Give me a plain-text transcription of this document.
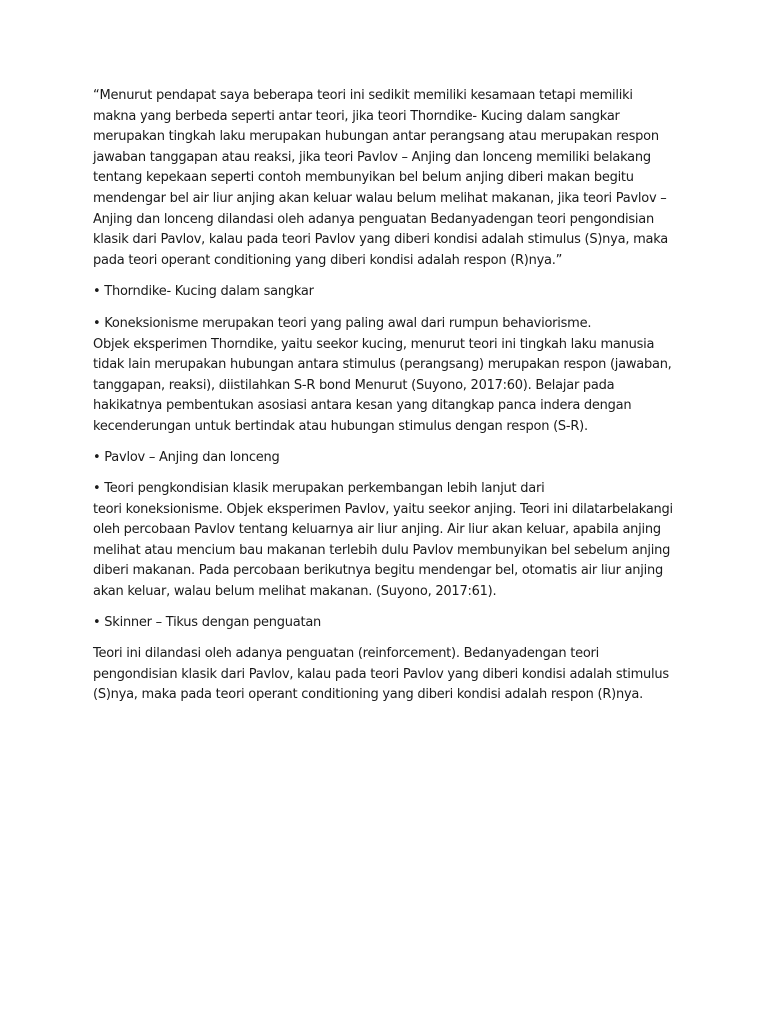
“Menurut pendapat saya beberapa teori ini sedikit memiliki kesamaan tetapi memiliki
makna yang berbeda seperti antar teori, jika teori Thorndike- Kucing dalam sangkar
merupakan tingkah laku merupakan hubungan antar perangsang atau merupakan respon
jawaban tanggapan atau reaksi, jika teori Pavlov – Anjing dan lonceng memiliki belakang
tentang kepekaan seperti contoh membunyikan bel belum anjing diberi makan begitu
mendengar bel air liur anjing akan keluar walau belum melihat makanan, jika teori Pavlov –
Anjing dan lonceng dilandasi oleh adanya penguatan Bedanyadengan teori pengondisian
klasik dari Pavlov, kalau pada teori Pavlov yang diberi kondisi adalah stimulus (S)nya, maka
pada teori operant conditioning yang diberi kondisi adalah respon (R)nya.”

• Thorndike- Kucing dalam sangkar

• Koneksionisme merupakan teori yang paling awal dari rumpun behaviorisme.
Objek eksperimen Thorndike, yaitu seekor kucing, menurut teori ini tingkah laku manusia
tidak lain merupakan hubungan antara stimulus (perangsang) merupakan respon (jawaban,
tanggapan, reaksi), diistilahkan S-R bond Menurut (Suyono, 2017:60). Belajar pada
hakikatnya pembentukan asosiasi antara kesan yang ditangkap panca indera dengan
kecenderungan untuk bertindak atau hubungan stimulus dengan respon (S-R).

• Pavlov – Anjing dan lonceng

• Teori pengkondisian klasik merupakan perkembangan lebih lanjut dari
teori koneksionisme. Objek eksperimen Pavlov, yaitu seekor anjing. Teori ini dilatarbelakangi
oleh percobaan Pavlov tentang keluarnya air liur anjing. Air liur akan keluar, apabila anjing
melihat atau mencium bau makanan terlebih dulu Pavlov membunyikan bel sebelum anjing
diberi makanan. Pada percobaan berikutnya begitu mendengar bel, otomatis air liur anjing
akan keluar, walau belum melihat makanan. (Suyono, 2017:61).

• Skinner – Tikus dengan penguatan

Teori ini dilandasi oleh adanya penguatan (reinforcement). Bedanyadengan teori
pengondisian klasik dari Pavlov, kalau pada teori Pavlov yang diberi kondisi adalah stimulus
(S)nya, maka pada teori operant conditioning yang diberi kondisi adalah respon (R)nya.
